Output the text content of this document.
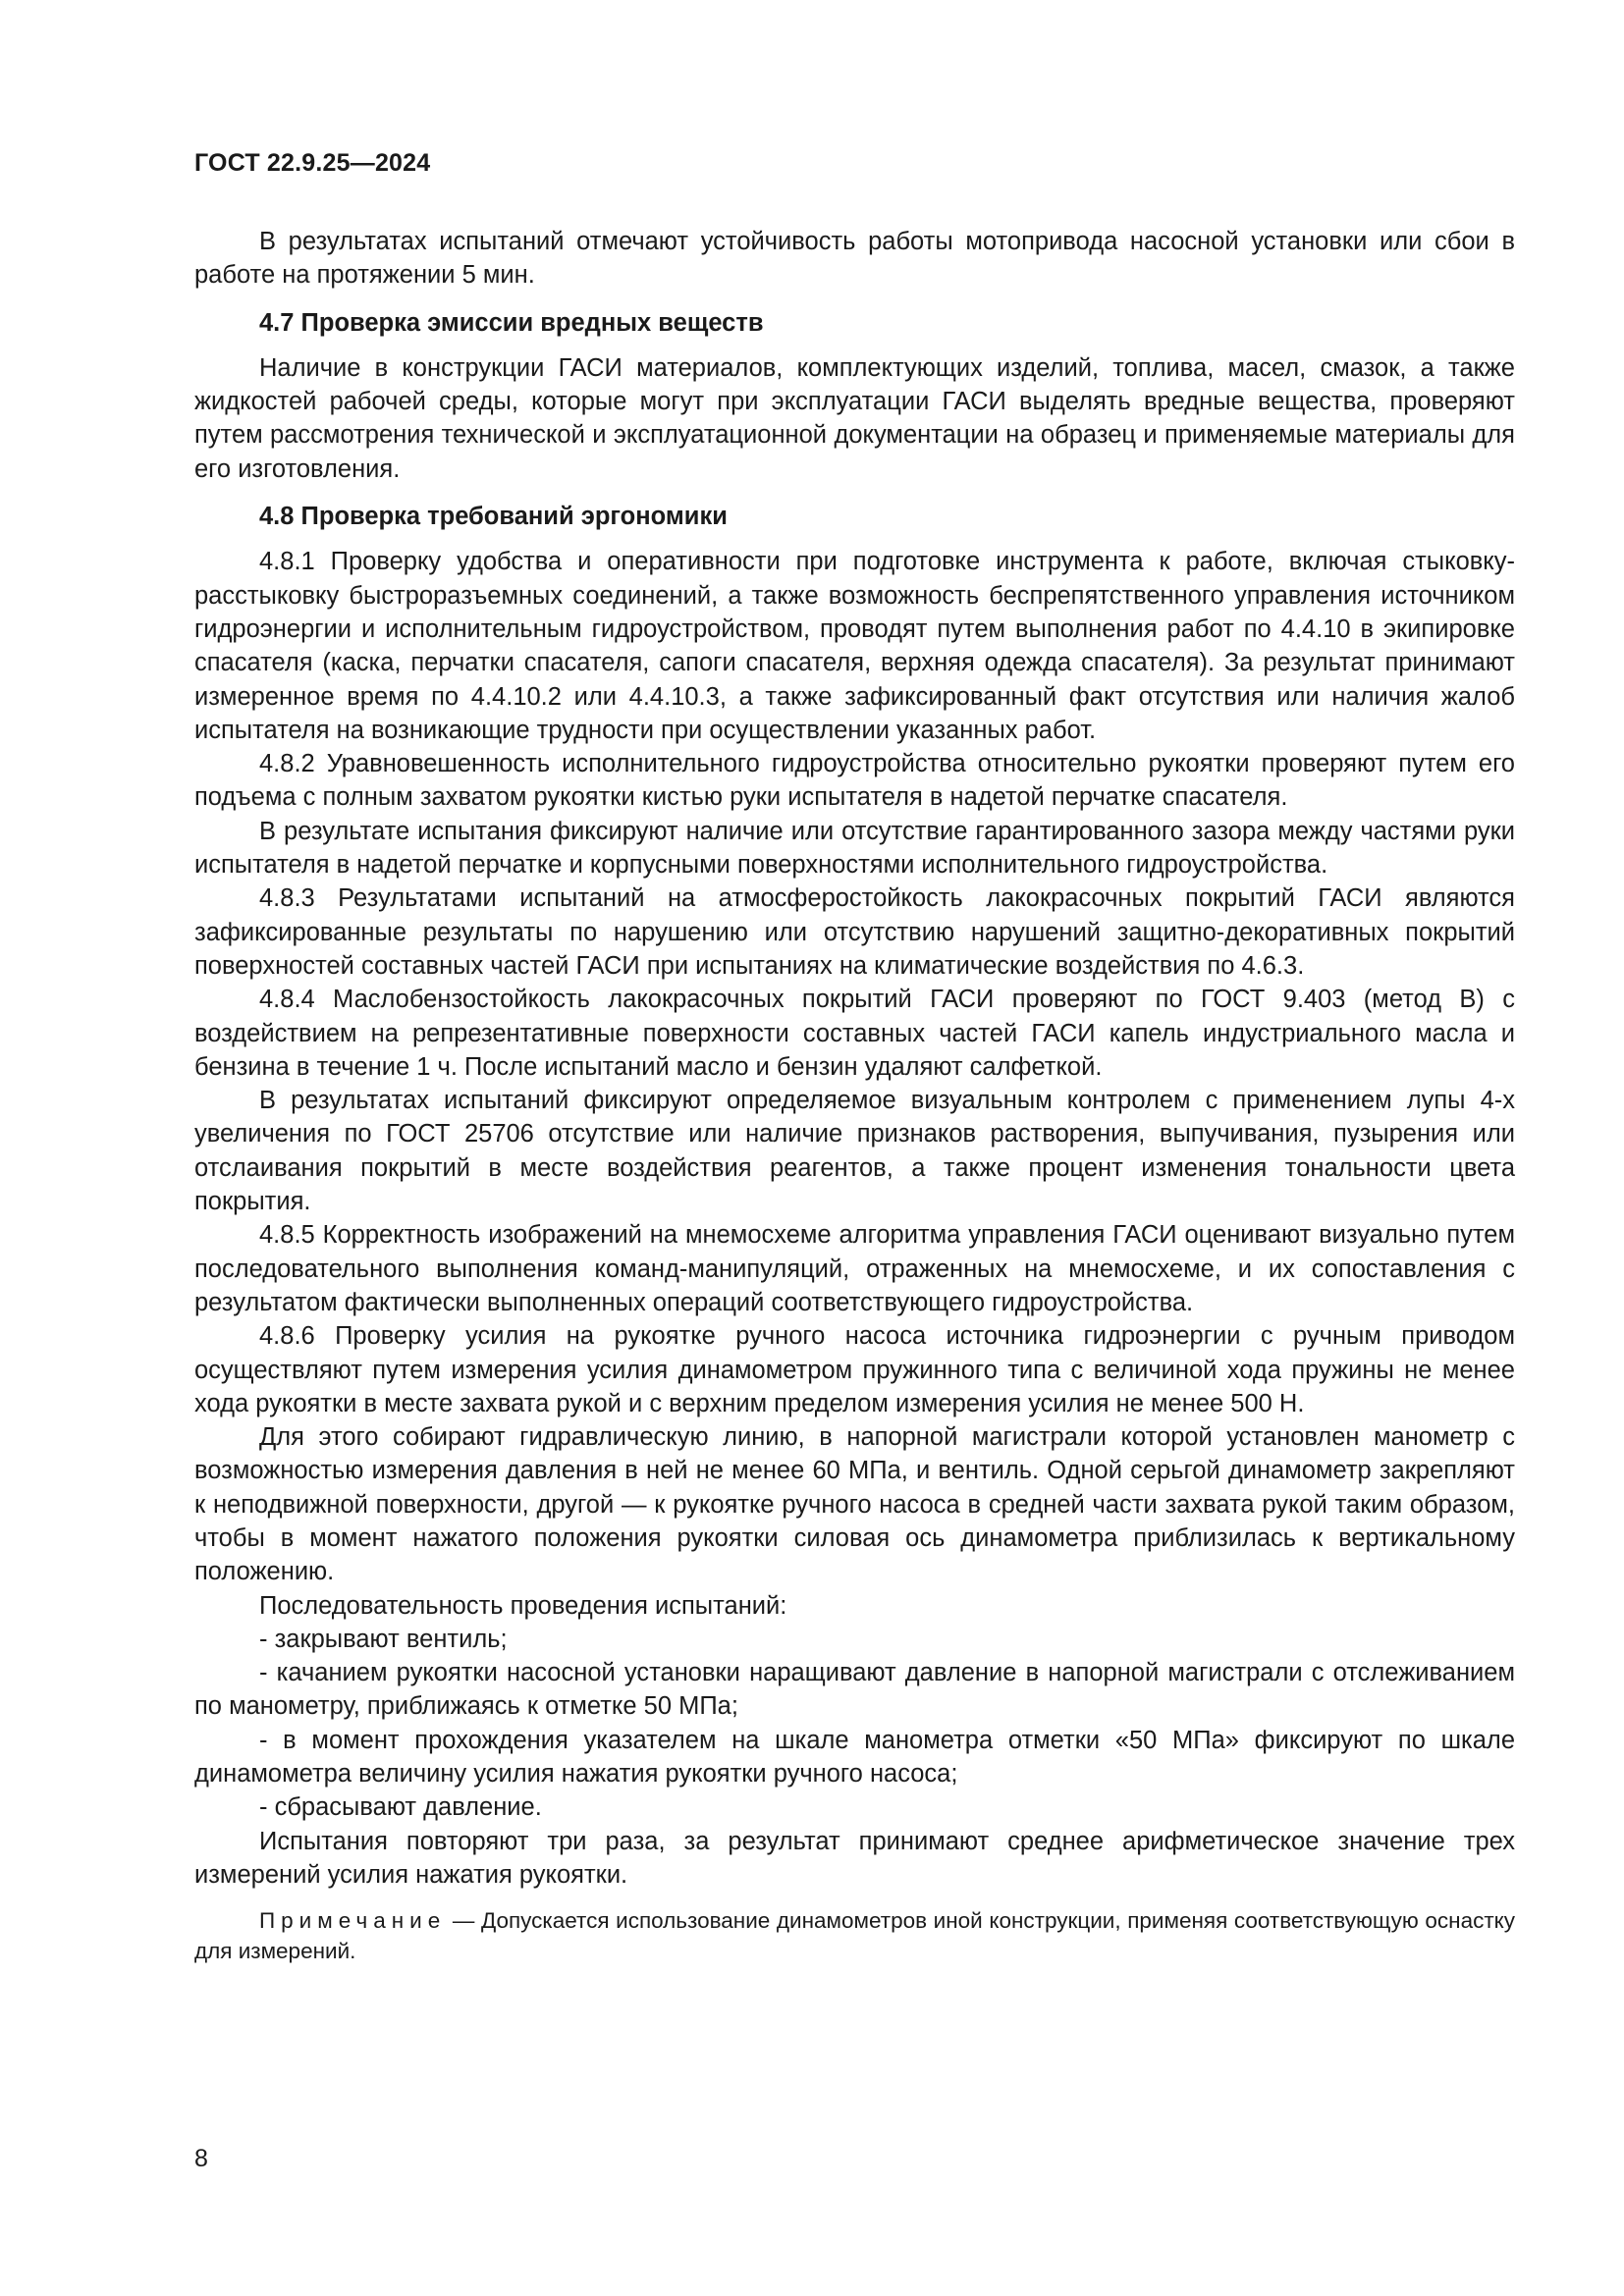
ГОСТ 22.9.25—2024

В результатах испытаний отмечают устойчивость работы мотопривода насосной установки или сбои в работе на протяжении 5 мин.

4.7 Проверка эмиссии вредных веществ

Наличие в конструкции ГАСИ материалов, комплектующих изделий, топлива, масел, смазок, а также жидкостей рабочей среды, которые могут при эксплуатации ГАСИ выделять вредные вещества, проверяют путем рассмотрения технической и эксплуатационной документации на образец и применяемые материалы для его изготовления.

4.8 Проверка требований эргономики

4.8.1 Проверку удобства и оперативности при подготовке инструмента к работе, включая стыковку-расстыковку быстроразъемных соединений, а также возможность беспрепятственного управления источником гидроэнергии и исполнительным гидроустройством, проводят путем выполнения работ по 4.4.10 в экипировке спасателя (каска, перчатки спасателя, сапоги спасателя, верхняя одежда спасателя). За результат принимают измеренное время по 4.4.10.2 или 4.4.10.3, а также зафиксированный факт отсутствия или наличия жалоб испытателя на возникающие трудности при осуществлении указанных работ.

4.8.2 Уравновешенность исполнительного гидроустройства относительно рукоятки проверяют путем его подъема с полным захватом рукоятки кистью руки испытателя в надетой перчатке спасателя.

В результате испытания фиксируют наличие или отсутствие гарантированного зазора между частями руки испытателя в надетой перчатке и корпусными поверхностями исполнительного гидроустройства.

4.8.3 Результатами испытаний на атмосферостойкость лакокрасочных покрытий ГАСИ являются зафиксированные результаты по нарушению или отсутствию нарушений защитно-декоративных покрытий поверхностей составных частей ГАСИ при испытаниях на климатические воздействия по 4.6.3.

4.8.4 Маслобензостойкость лакокрасочных покрытий ГАСИ проверяют по ГОСТ 9.403 (метод В) с воздействием на репрезентативные поверхности составных частей ГАСИ капель индустриального масла и бензина в течение 1 ч. После испытаний масло и бензин удаляют салфеткой.

В результатах испытаний фиксируют определяемое визуальным контролем с применением лупы 4-х увеличения по ГОСТ 25706 отсутствие или наличие признаков растворения, выпучивания, пузырения или отслаивания покрытий в месте воздействия реагентов, а также процент изменения тональности цвета покрытия.

4.8.5 Корректность изображений на мнемосхеме алгоритма управления ГАСИ оценивают визуально путем последовательного выполнения команд-манипуляций, отраженных на мнемосхеме, и их сопоставления с результатом фактически выполненных операций соответствующего гидроустройства.

4.8.6 Проверку усилия на рукоятке ручного насоса источника гидроэнергии с ручным приводом осуществляют путем измерения усилия динамометром пружинного типа с величиной хода пружины не менее хода рукоятки в месте захвата рукой и с верхним пределом измерения усилия не менее 500 Н.

Для этого собирают гидравлическую линию, в напорной магистрали которой установлен манометр с возможностью измерения давления в ней не менее 60 МПа, и вентиль. Одной серьгой динамометр закрепляют к неподвижной поверхности, другой — к рукоятке ручного насоса в средней части захвата рукой таким образом, чтобы в момент нажатого положения рукоятки силовая ось динамометра приблизилась к вертикальному положению.

Последовательность проведения испытаний:

- закрывают вентиль;

- качанием рукоятки насосной установки наращивают давление в напорной магистрали с отслеживанием по манометру, приближаясь к отметке 50 МПа;

- в момент прохождения указателем на шкале манометра отметки «50 МПа» фиксируют по шкале динамометра величину усилия нажатия рукоятки ручного насоса;

- сбрасывают давление.

Испытания повторяют три раза, за результат принимают среднее арифметическое значение трех измерений усилия нажатия рукоятки.

Примечание — Допускается использование динамометров иной конструкции, применяя соответствующую оснастку для измерений.

8
